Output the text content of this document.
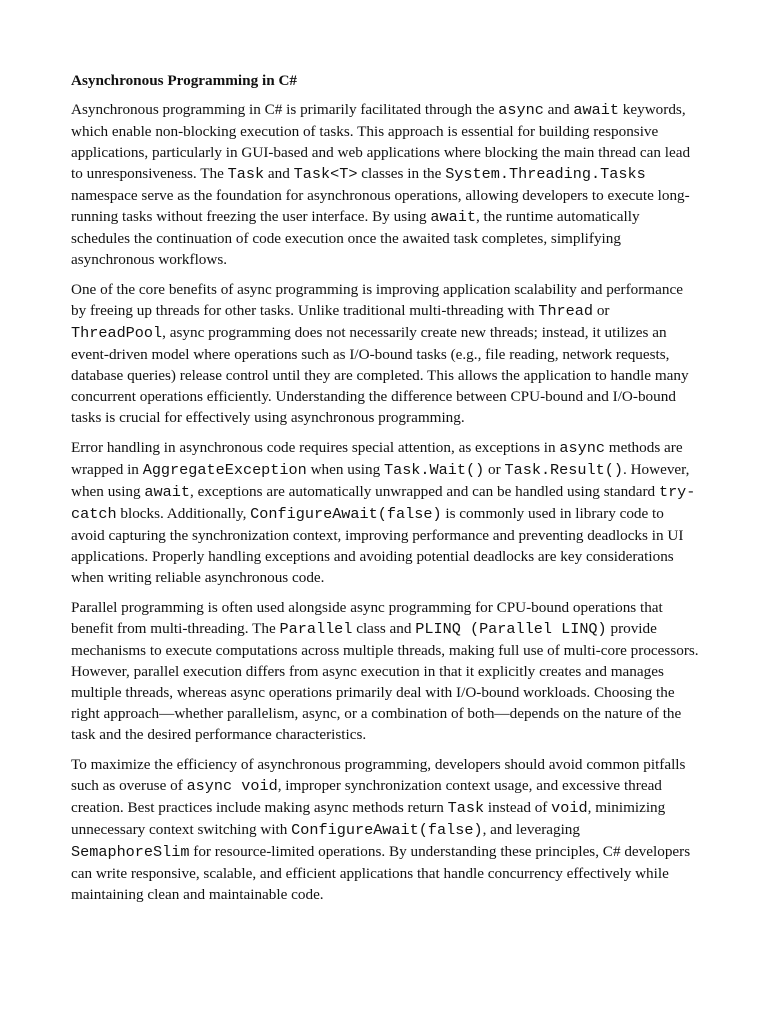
Asynchronous Programming in C#

Asynchronous programming in C# is primarily facilitated through the async and await keywords, which enable non-blocking execution of tasks. This approach is essential for building responsive applications, particularly in GUI-based and web applications where blocking the main thread can lead to unresponsiveness. The Task and Task<T> classes in the System.Threading.Tasks namespace serve as the foundation for asynchronous operations, allowing developers to execute long-running tasks without freezing the user interface. By using await, the runtime automatically schedules the continuation of code execution once the awaited task completes, simplifying asynchronous workflows.

One of the core benefits of async programming is improving application scalability and performance by freeing up threads for other tasks. Unlike traditional multi-threading with Thread or ThreadPool, async programming does not necessarily create new threads; instead, it utilizes an event-driven model where operations such as I/O-bound tasks (e.g., file reading, network requests, database queries) release control until they are completed. This allows the application to handle many concurrent operations efficiently. Understanding the difference between CPU-bound and I/O-bound tasks is crucial for effectively using asynchronous programming.

Error handling in asynchronous code requires special attention, as exceptions in async methods are wrapped in AggregateException when using Task.Wait() or Task.Result(). However, when using await, exceptions are automatically unwrapped and can be handled using standard try-catch blocks. Additionally, ConfigureAwait(false) is commonly used in library code to avoid capturing the synchronization context, improving performance and preventing deadlocks in UI applications. Properly handling exceptions and avoiding potential deadlocks are key considerations when writing reliable asynchronous code.

Parallel programming is often used alongside async programming for CPU-bound operations that benefit from multi-threading. The Parallel class and PLINQ (Parallel LINQ) provide mechanisms to execute computations across multiple threads, making full use of multi-core processors. However, parallel execution differs from async execution in that it explicitly creates and manages multiple threads, whereas async operations primarily deal with I/O-bound workloads. Choosing the right approach—whether parallelism, async, or a combination of both—depends on the nature of the task and the desired performance characteristics.

To maximize the efficiency of asynchronous programming, developers should avoid common pitfalls such as overuse of async void, improper synchronization context usage, and excessive thread creation. Best practices include making async methods return Task instead of void, minimizing unnecessary context switching with ConfigureAwait(false), and leveraging SemaphoreSlim for resource-limited operations. By understanding these principles, C# developers can write responsive, scalable, and efficient applications that handle concurrency effectively while maintaining clean and maintainable code.
